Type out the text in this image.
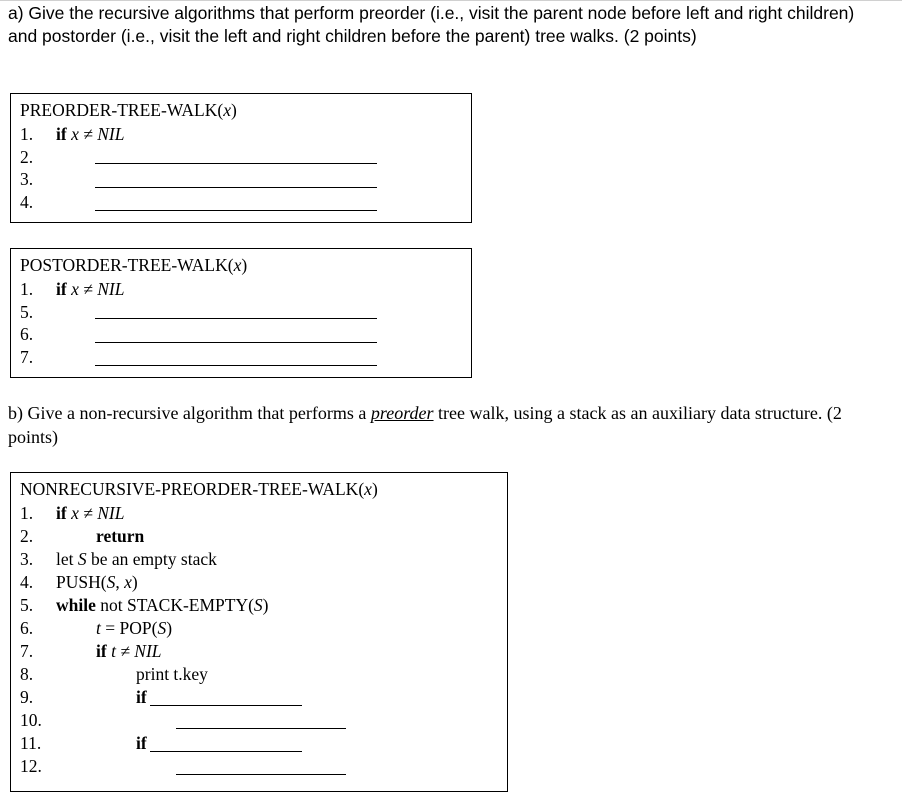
a) Give the recursive algorithms that perform preorder (i.e., visit the parent node before left and right children) and postorder (i.e., visit the left and right children before the parent) tree walks. (2 points)
PREORDER-TREE-WALK(x)
1. if x ≠ NIL
2.
3.
4.
POSTORDER-TREE-WALK(x)
1. if x ≠ NIL
5.
6.
7.
b) Give a non-recursive algorithm that performs a preorder tree walk, using a stack as an auxiliary data structure. (2 points)
NONRECURSIVE-PREORDER-TREE-WALK(x)
1.
2.
3.
4.
5.
6.
7.
8.
9.
10.
11.
12.
if x ≠ NIL
return
let S be an empty stack
PUSH(S, x)
while not STACK-EMPTY(S)
t = POP(S)
if t ≠ NIL
print t.key
if
if
